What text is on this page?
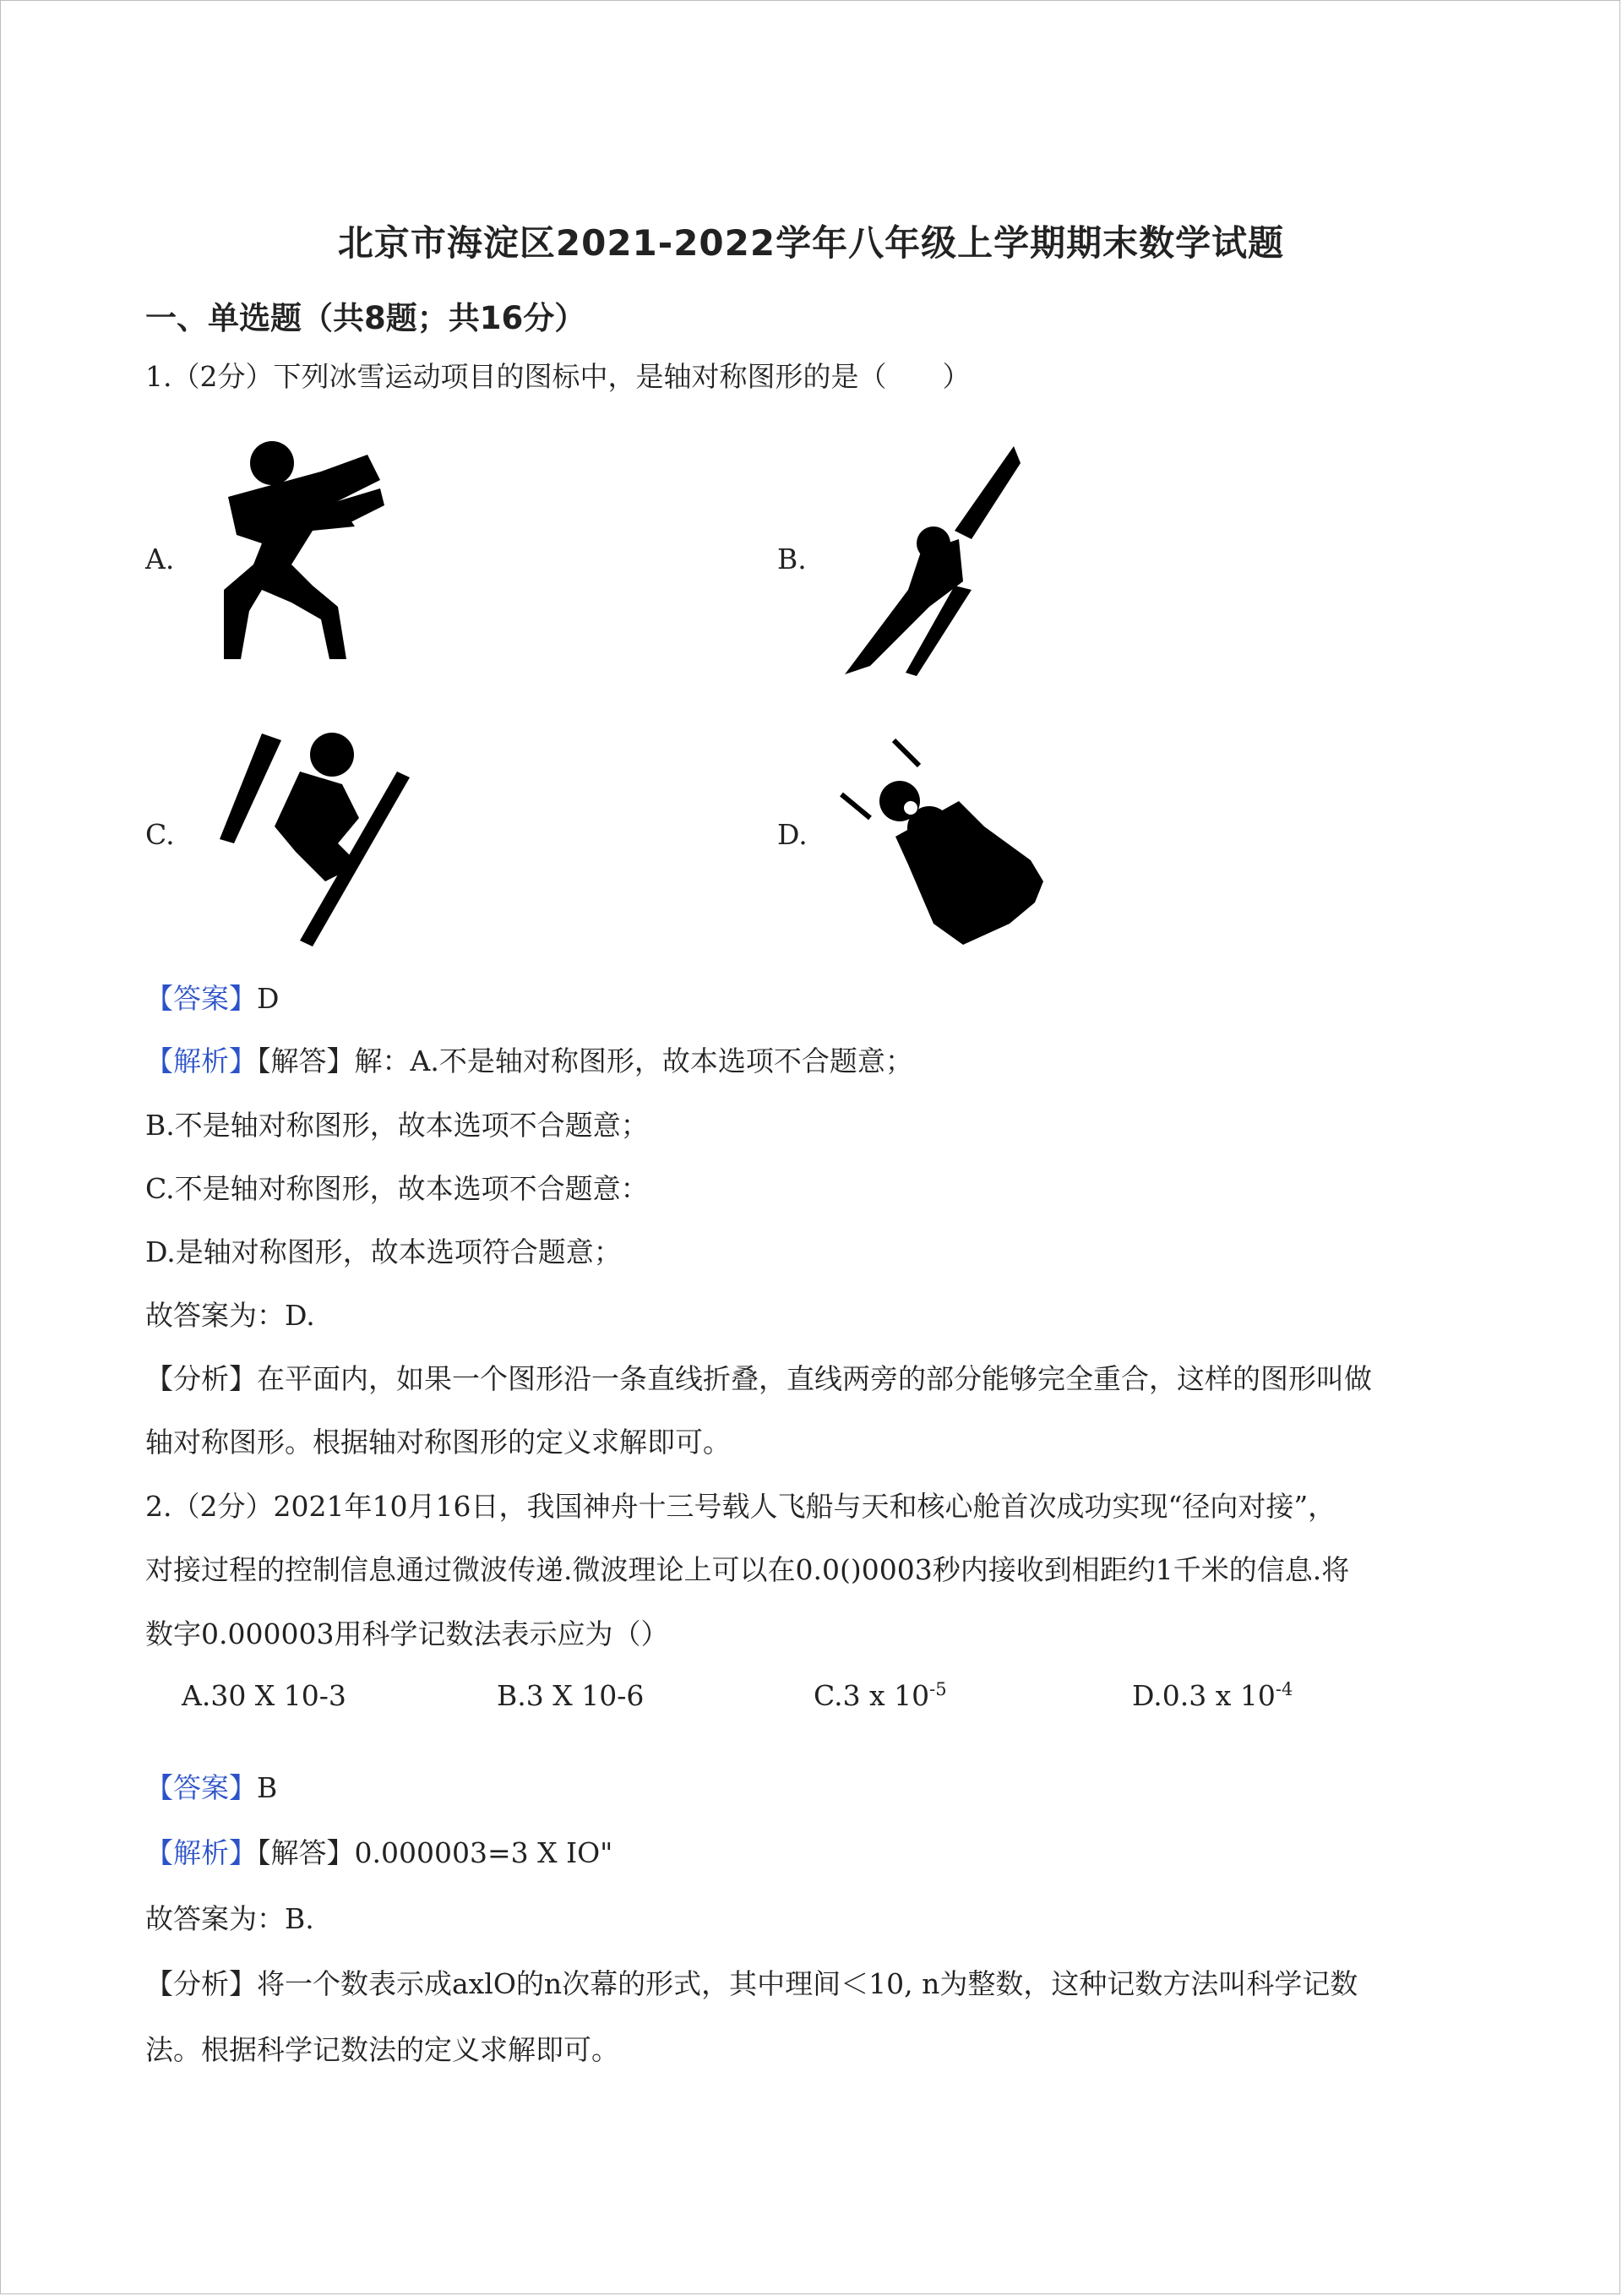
北京市海淀区2021-2022学年八年级上学期期末数学试题
一、单选题（共8题；共16分）
1.（2分）下列冰雪运动项目的图标中，是轴对称图形的是（　　）
A.	B.
C.	D.
【答案】D
【解析】【解答】解：A.不是轴对称图形，故本选项不合题意；
B.不是轴对称图形，故本选项不合题意；
C.不是轴对称图形，故本选项不合题意：
D.是轴对称图形，故本选项符合题意；
故答案为：D.
【分析】在平面内，如果一个图形沿一条直线折叠，直线两旁的部分能够完全重合，这样的图形叫做
轴对称图形。根据轴对称图形的定义求解即可。
2.（2分）2021年10月16日，我国神舟十三号载人飞船与天和核心舱首次成功实现“径向对接”，
对接过程的控制信息通过微波传递.微波理论上可以在0.0()0003秒内接收到相距约1千米的信息.将
数字0.000003用科学记数法表示应为（）
A.30 X 10-3	B.3 X 10-6	C.3 x $10^{-5}$	D.0.3 x $10^{-4}$
【答案】B
【解析】【解答】0.000003=3 X IO"
故答案为：B.
【分析】将一个数表示成axlO的n次幕的形式，其中理间＜10, n为整数，这种记数方法叫科学记数
法。根据科学记数法的定义求解即可。
